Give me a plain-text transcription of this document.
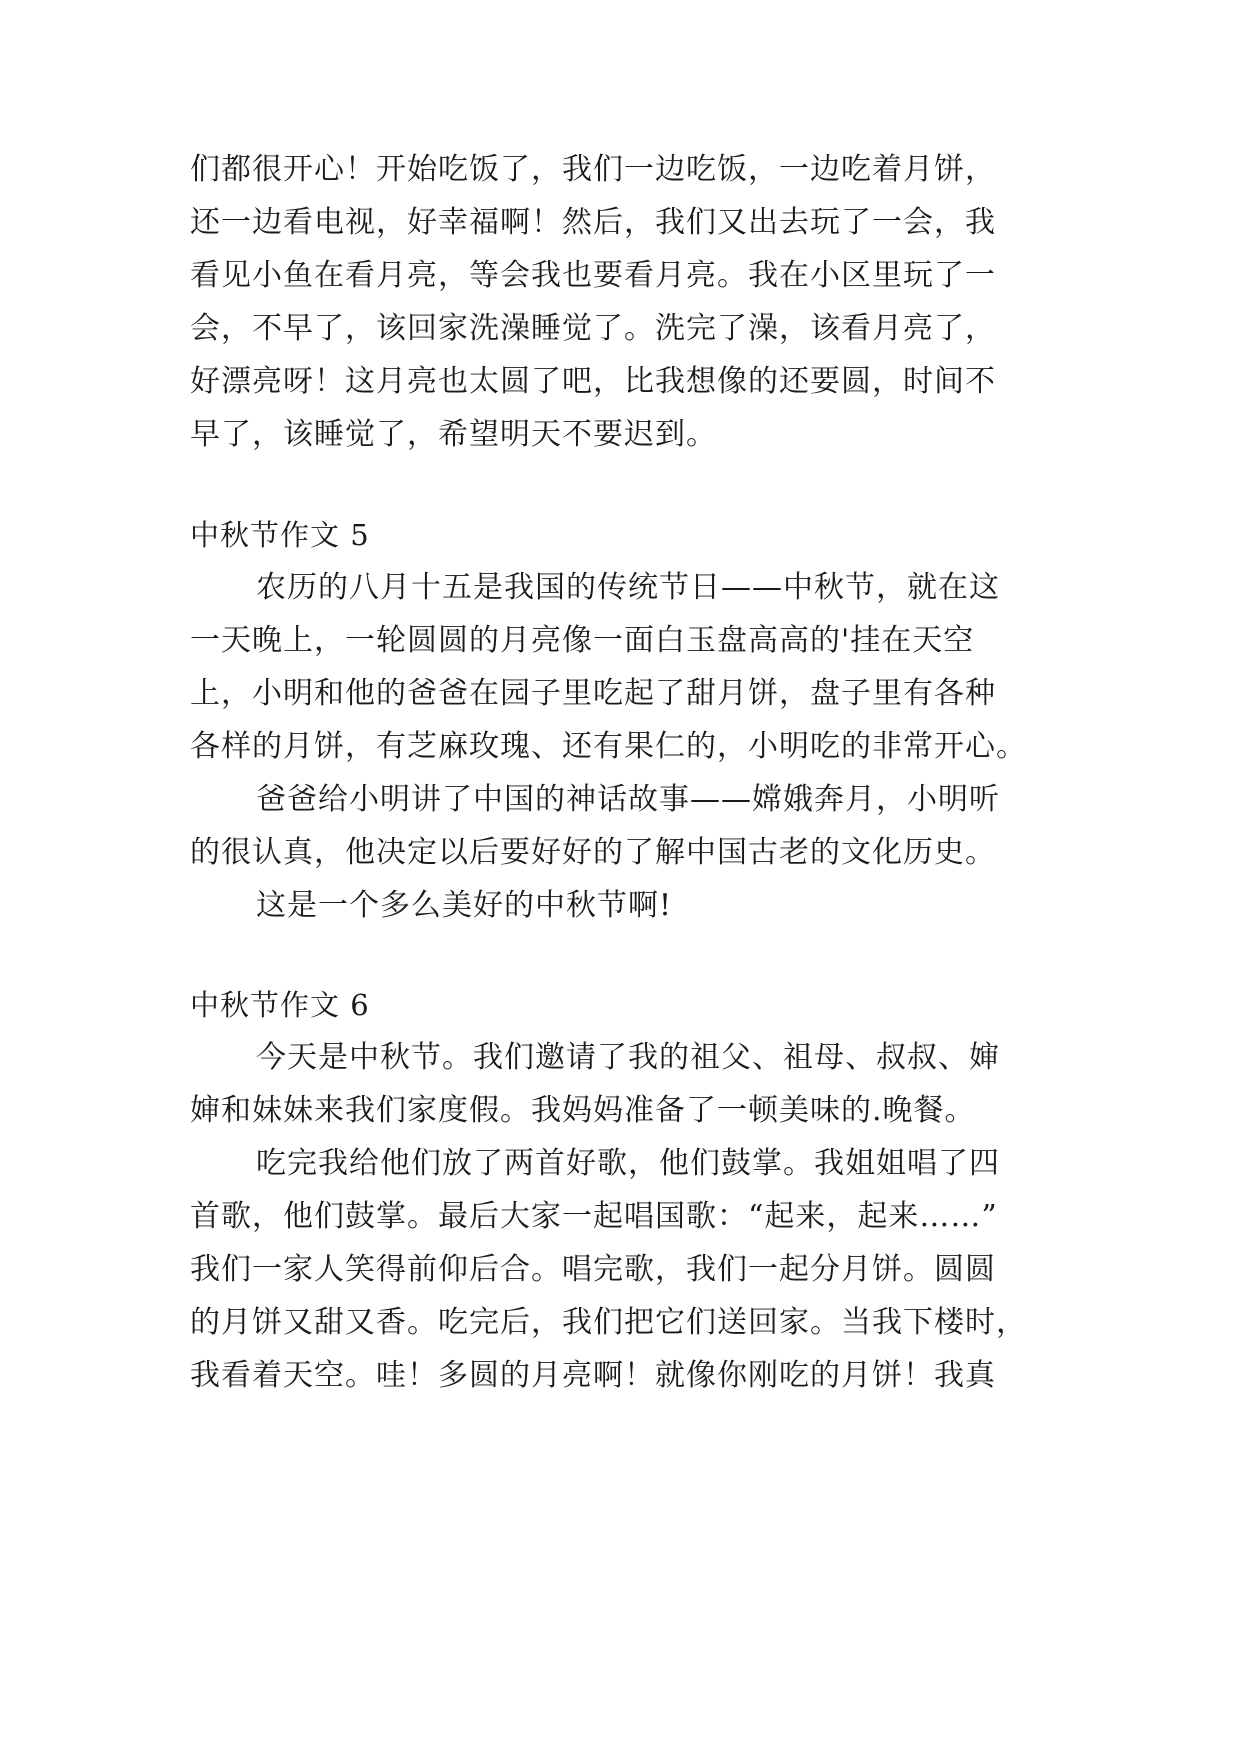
们都很开心！开始吃饭了，我们一边吃饭，一边吃着月饼，
还一边看电视，好幸福啊！然后，我们又出去玩了一会，我
看见小鱼在看月亮，等会我也要看月亮。我在小区里玩了一
会，不早了，该回家洗澡睡觉了。洗完了澡，该看月亮了，
好漂亮呀！这月亮也太圆了吧，比我想像的还要圆，时间不
早了，该睡觉了，希望明天不要迟到。
中秋节作文 5
农历的八月十五是我国的传统节日——中秋节，就在这
一天晚上，一轮圆圆的月亮像一面白玉盘高高的'挂在天空
上，小明和他的爸爸在园子里吃起了甜月饼，盘子里有各种
各样的月饼，有芝麻玫瑰、还有果仁的，小明吃的非常开心。
爸爸给小明讲了中国的神话故事——嫦娥奔月，小明听
的很认真，他决定以后要好好的了解中国古老的文化历史。
这是一个多么美好的中秋节啊!
中秋节作文 6
今天是中秋节。我们邀请了我的祖父、祖母、叔叔、婶
婶和妹妹来我们家度假。我妈妈准备了一顿美味的.晚餐。
吃完我给他们放了两首好歌，他们鼓掌。我姐姐唱了四
首歌，他们鼓掌。最后大家一起唱国歌：“起来，起来……”
我们一家人笑得前仰后合。唱完歌，我们一起分月饼。圆圆
的月饼又甜又香。吃完后，我们把它们送回家。当我下楼时，
我看着天空。哇！多圆的月亮啊！就像你刚吃的月饼！我真
